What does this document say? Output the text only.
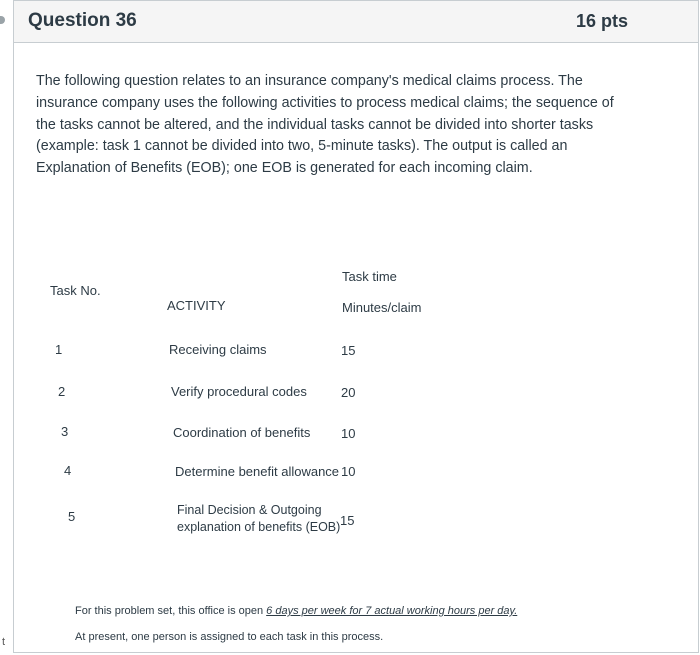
t
Question 36	16 pts
The following question relates to an insurance company's medical claims process. The insurance company uses the following activities to process medical claims; the sequence of the tasks cannot be altered, and the individual tasks cannot be divided into shorter tasks (example: task 1 cannot be divided into two, 5-minute tasks). The output is called an Explanation of Benefits (EOB); one EOB is generated for each incoming claim.
Task time
Task No.
ACTIVITY	Minutes/claim
1	Receiving claims	15
2	Verify procedural codes	20
3	Coordination of benefits 10
4	Determine benefit allowance 10
5	Final Decision & Outgoing explanation of benefits (EOB) 15
For this problem set, this office is open 6 days per week for 7 actual working hours per day.
At present, one person is assigned to each task in this process.
